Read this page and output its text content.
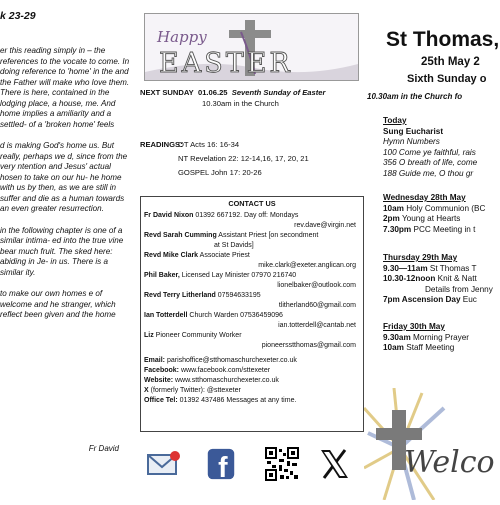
k 23-29

er this reading simply in – the references to the vocate to come. In doing reference to 'home' in the and the Father will make who love them. There is here, contained in the lodging place, a house, me. And home implies a amiliarity and a settled- of a 'broken home' feels

d is making God's home us. But really, perhaps we d, since from the very ntention and Jesus' actual hosen to take on our hu- he home with us by then, as we are still in suffer and die as a human towards an even greater resurrection.

in the following chapter is one of a similar intima- ed into the true vine bear much fruit. The sked here: abiding in Je- in us. There is a similar ity.

to make our own homes e of welcome and he stranger, which reflect been given and the home

Fr David
Happy
EASTER
NEXT SUNDAY 01.06.25 Seventh Sunday of Easter
10.30am in the Church
READINGS:
OT Acts 16: 16-34
NT Revelation 22: 12-14,16, 17, 20, 21
GOSPEL John 17: 20-26
CONTACT US
Fr David Nixon 01392 667192. Day off: Mondays
rev.dave@virgin.net
Revd Sarah Cumming Assistant Priest [on secondment
at St Davids]
Revd Mike Clark Associate Priest
mike.clark@exeter.anglican.org
Phil Baker, Licensed Lay Minister 07970 216740
lionelbaker@outlook.com
Revd Terry Litherland 07594633195
tlitherland60@gmail.com
Ian Totterdell Church Warden 07536459096
ian.totterdell@cantab.net
Liz Pioneer Community Worker
pioneersstthomas@gmail.com
Email: parishoffice@stthomaschurchexeter.co.uk
Facebook: www.facebook.com/sttexeter
Website: www.stthomaschurchexeter.co.uk
X (formerly Twitter): @sttexeter
Office Tel: 01392 437486 Messages at any time.
f
St Thomas,
25th May 2
Sixth Sunday o
10.30am in the Church fo
Today
Sung Eucharist
Hymn Numbers
100 Come ye faithful, rais
356 O breath of life, come
188 Guide me, O thou gr
Wednesday 28th May
10am Holy Communion (BC
2pm Young at Hearts
7.30pm PCC Meeting in t
Thursday 29th May
9.30—11am St Thomas T
10.30-12noon Knit & Natt
Details from Jenny
7pm Ascension Day Euc
Friday 30th May
9.30am Morning Prayer
10am Staff Meeting
Welco
